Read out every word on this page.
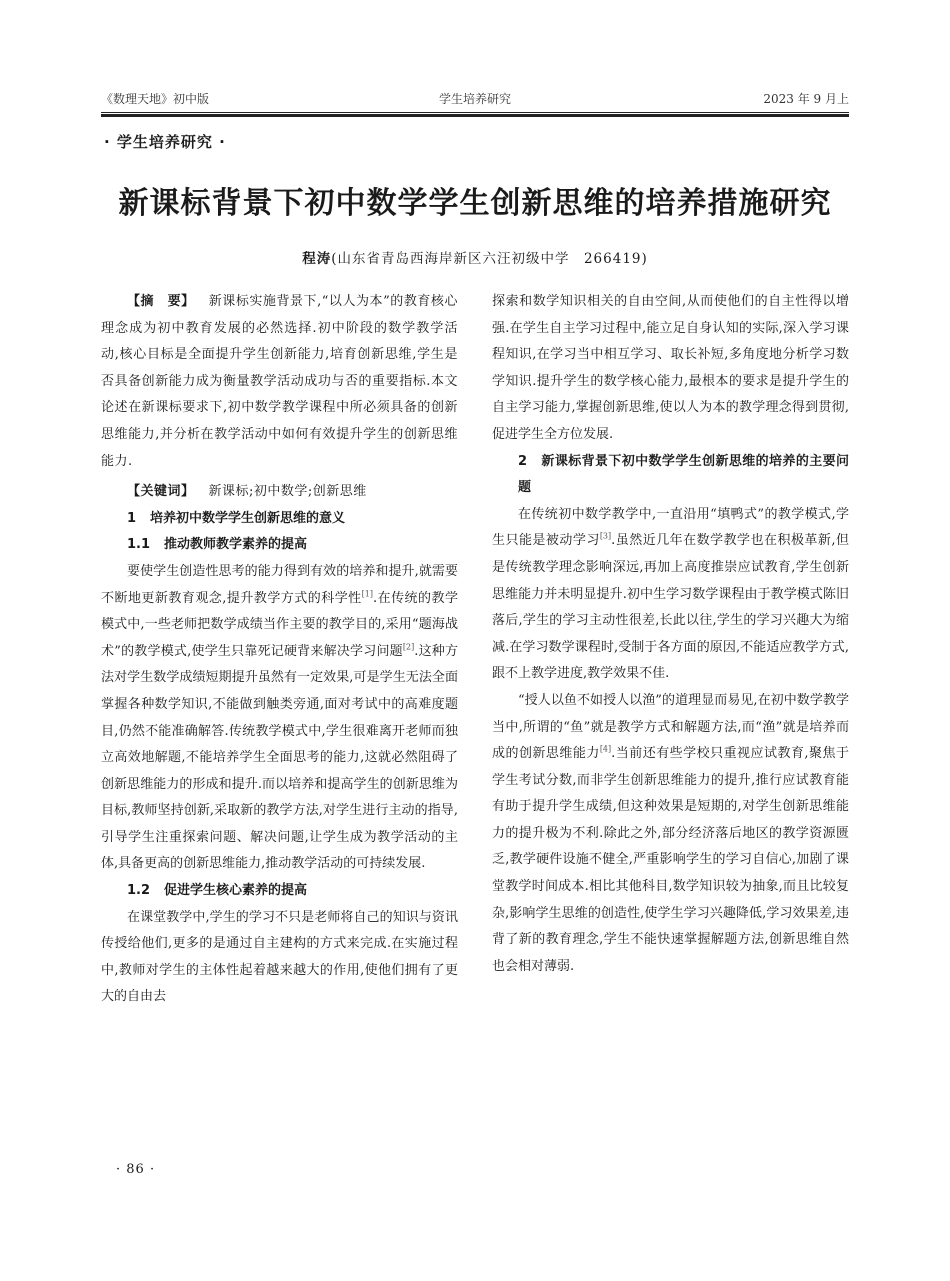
《数理天地》初中版	学生培养研究	2023 年 9 月上
· 学生培养研究 ·
新课标背景下初中数学学生创新思维的培养措施研究
程涛(山东省青岛西海岸新区六汪初级中学　266419)

【摘　要】 新课标实施背景下,“以人为本”的教育核心理念成为初中教育发展的必然选择.初中阶段的数学教学活动,核心目标是全面提升学生创新能力,培育创新思维,学生是否具备创新能力成为衡量教学活动成功与否的重要指标.本文论述在新课标要求下,初中数学教学课程中所必须具备的创新思维能力,并分析在教学活动中如何有效提升学生的创新思维能力.

【关键词】 新课标;初中数学;创新思维

1 培养初中数学学生创新思维的意义
1.1 推动教师教学素养的提高

要使学生创造性思考的能力得到有效的培养和提升,就需要不断地更新教育观念,提升教学方式的科学性[1].在传统的教学模式中,一些老师把数学成绩当作主要的教学目的,采用“题海战术”的教学模式,使学生只靠死记硬背来解决学习问题[2].这种方法对学生数学成绩短期提升虽然有一定效果,可是学生无法全面掌握各种数学知识,不能做到触类旁通,面对考试中的高难度题目,仍然不能准确解答.传统教学模式中,学生很难离开老师而独立高效地解题,不能培养学生全面思考的能力,这就必然阻碍了创新思维能力的形成和提升.而以培养和提高学生的创新思维为目标,教师坚持创新,采取新的教学方法,对学生进行主动的指导,引导学生注重探索问题、解决问题,让学生成为教学活动的主体,具备更高的创新思维能力,推动教学活动的可持续发展.

1.2 促进学生核心素养的提高

在课堂教学中,学生的学习不只是老师将自己的知识与资讯传授给他们,更多的是通过自主建构的方式来完成.在实施过程中,教师对学生的主体性起着越来越大的作用,使他们拥有了更大的自由去

探索和数学知识相关的自由空间,从而使他们的自主性得以增强.在学生自主学习过程中,能立足自身认知的实际,深入学习课程知识,在学习当中相互学习、取长补短,多角度地分析学习数学知识.提升学生的数学核心能力,最根本的要求是提升学生的自主学习能力,掌握创新思维,使以人为本的教学理念得到贯彻,促进学生全方位发展.

2 新课标背景下初中数学学生创新思维的培养的主要问题

在传统初中数学教学中,一直沿用“填鸭式”的教学模式,学生只能是被动学习[3].虽然近几年在数学教学也在积极革新,但是传统教学理念影响深远,再加上高度推崇应试教育,学生创新思维能力并未明显提升.初中生学习数学课程由于教学模式陈旧落后,学生的学习主动性很差,长此以往,学生的学习兴趣大为缩减.在学习数学课程时,受制于各方面的原因,不能适应教学方式,跟不上教学进度,教学效果不佳.

“授人以鱼不如授人以渔”的道理显而易见,在初中数学教学当中,所谓的“鱼”就是教学方式和解题方法,而“渔”就是培养而成的创新思维能力[4].当前还有些学校只重视应试教育,聚焦于学生考试分数,而非学生创新思维能力的提升,推行应试教育能有助于提升学生成绩,但这种效果是短期的,对学生创新思维能力的提升极为不利.除此之外,部分经济落后地区的教学资源匮乏,教学硬件设施不健全,严重影响学生的学习自信心,加剧了课堂教学时间成本.相比其他科目,数学知识较为抽象,而且比较复杂,影响学生思维的创造性,使学生学习兴趣降低,学习效果差,违背了新的教育理念,学生不能快速掌握解题方法,创新思维自然也会相对薄弱.

· 86 ·
